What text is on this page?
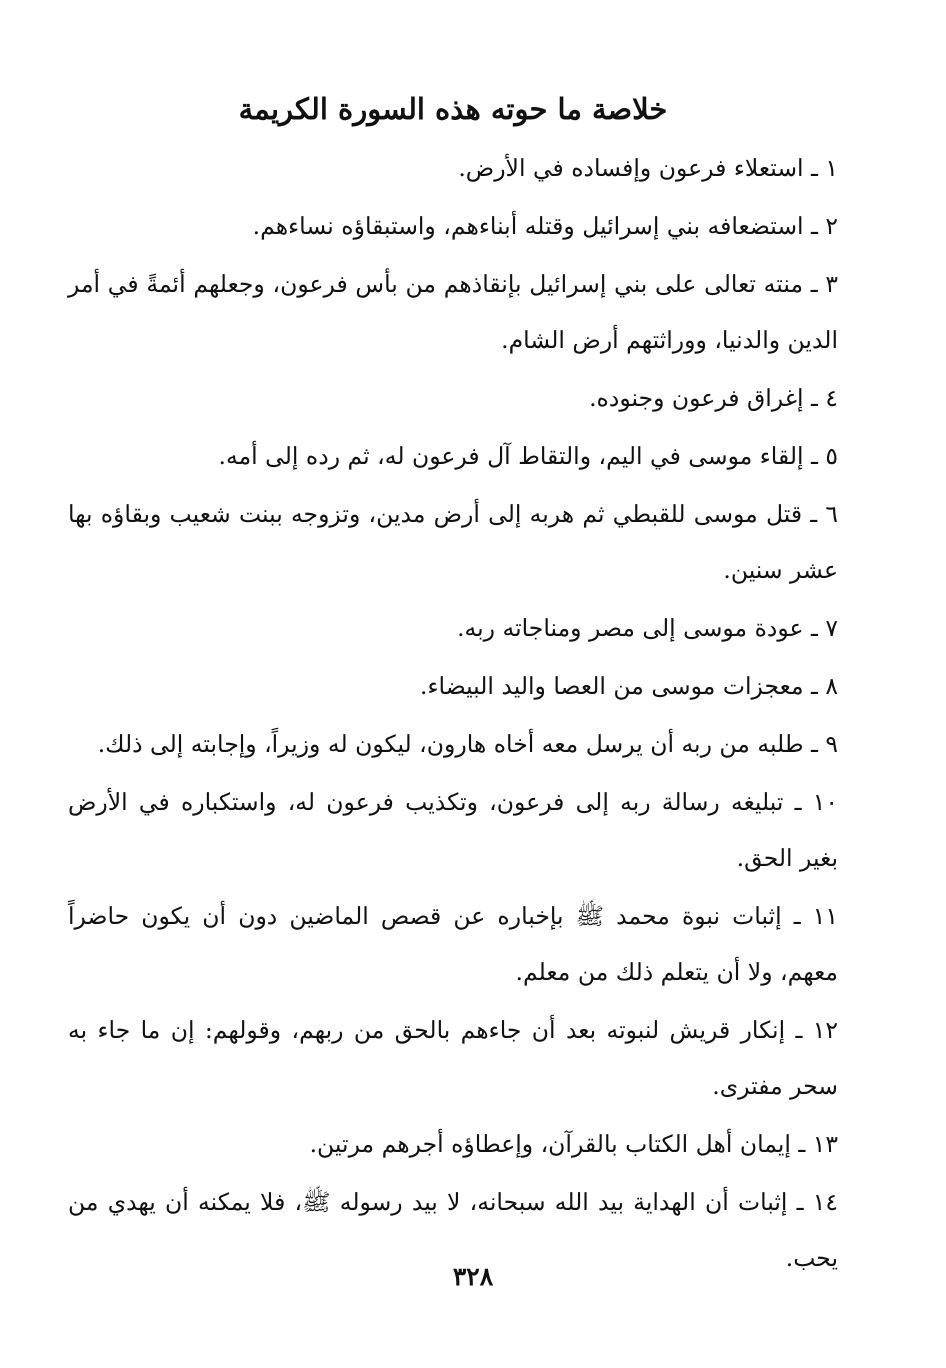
خلاصة ما حوته هذه السورة الكريمة

١ ـ استعلاء فرعون وإفساده في الأرض.

٢ ـ استضعافه بني إسرائيل وقتله أبناءهم، واستبقاؤه نساءهم.

٣ ـ منته تعالى على بني إسرائيل بإنقاذهم من بأس فرعون، وجعلهم أئمةً في أمر الدين والدنيا، ووراثتهم أرض الشام.

٤ ـ إغراق فرعون وجنوده.

٥ ـ إلقاء موسى في اليم، والتقاط آل فرعون له، ثم رده إلى أمه.

٦ ـ قتل موسى للقبطي ثم هربه إلى أرض مدين، وتزوجه ببنت شعيب وبقاؤه بها عشر سنين.

٧ ـ عودة موسى إلى مصر ومناجاته ربه.

٨ ـ معجزات موسى من العصا واليد البيضاء.

٩ ـ طلبه من ربه أن يرسل معه أخاه هارون، ليكون له وزيراً، وإجابته إلى ذلك.

١٠ ـ تبليغه رسالة ربه إلى فرعون، وتكذيب فرعون له، واستكباره في الأرض بغير الحق.

١١ ـ إثبات نبوة محمد ﷺ بإخباره عن قصص الماضين دون أن يكون حاضراً معهم، ولا أن يتعلم ذلك من معلم.

١٢ ـ إنكار قريش لنبوته بعد أن جاءهم بالحق من ربهم، وقولهم: إن ما جاء به سحر مفترى.

١٣ ـ إيمان أهل الكتاب بالقرآن، وإعطاؤه أجرهم مرتين.

١٤ ـ إثبات أن الهداية بيد الله سبحانه، لا بيد رسوله ﷺ، فلا يمكنه أن يهدي من يحب.

٣٢٨
